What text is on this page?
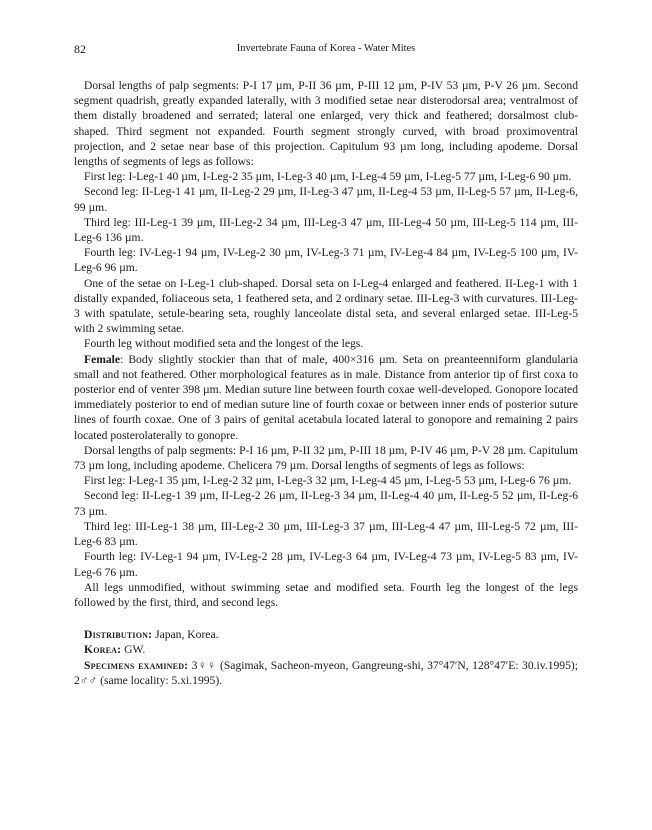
82	Invertebrate Fauna of Korea - Water Mites

Dorsal lengths of palp segments: P-I 17 µm, P-II 36 µm, P-III 12 µm, P-IV 53 µm, P-V 26 µm. Second segment quadrish, greatly expanded laterally, with 3 modified setae near disterodorsal area; ventralmost of them distally broadened and serrated; lateral one enlarged, very thick and feathered; dorsalmost club-shaped. Third segment not expanded. Fourth segment strongly curved, with broad proximoventral projection, and 2 setae near base of this projection. Capitulum 93 µm long, including apodeme. Dorsal lengths of segments of legs as follows:

First leg: I-Leg-1 40 µm, I-Leg-2 35 µm, I-Leg-3 40 µm, I-Leg-4 59 µm, I-Leg-5 77 µm, I-Leg-6 90 µm.

Second leg: II-Leg-1 41 µm, II-Leg-2 29 µm, II-Leg-3 47 µm, II-Leg-4 53 µm, II-Leg-5 57 µm, II-Leg-6, 99 µm.

Third leg: III-Leg-1 39 µm, III-Leg-2 34 µm, III-Leg-3 47 µm, III-Leg-4 50 µm, III-Leg-5 114 µm, III-Leg-6 136 µm.

Fourth leg: IV-Leg-1 94 µm, IV-Leg-2 30 µm, IV-Leg-3 71 µm, IV-Leg-4 84 µm, IV-Leg-5 100 µm, IV-Leg-6 96 µm.

One of the setae on I-Leg-1 club-shaped. Dorsal seta on I-Leg-4 enlarged and feathered. II-Leg-1 with 1 distally expanded, foliaceous seta, 1 feathered seta, and 2 ordinary setae. III-Leg-3 with curvatures. III-Leg-3 with spatulate, setule-bearing seta, roughly lanceolate distal seta, and several enlarged setae. III-Leg-5 with 2 swimming setae.

Fourth leg without modified seta and the longest of the legs.

Female: Body slightly stockier than that of male, 400×316 µm. Seta on preanteenniform glandularia small and not feathered. Other morphological features as in male. Distance from anterior tip of first coxa to posterior end of venter 398 µm. Median suture line between fourth coxae well-developed. Gonopore located immediately posterior to end of median suture line of fourth coxae or between inner ends of posterior suture lines of fourth coxae. One of 3 pairs of genital acetabula located lateral to gonopore and remaining 2 pairs located posterolaterally to gonopre.

Dorsal lengths of palp segments: P-I 16 µm, P-II 32 µm, P-III 18 µm, P-IV 46 µm, P-V 28 µm. Capitulum 73 µm long, including apodeme. Chelicera 79 µm. Dorsal lengths of segments of legs as follows:

First leg: I-Leg-1 35 µm, I-Leg-2 32 µm, I-Leg-3 32 µm, I-Leg-4 45 µm, I-Leg-5 53 µm, I-Leg-6 76 µm.

Second leg: II-Leg-1 39 µm, II-Leg-2 26 µm, II-Leg-3 34 µm, II-Leg-4 40 µm, II-Leg-5 52 µm, II-Leg-6 73 µm.

Third leg: III-Leg-1 38 µm, III-Leg-2 30 µm, III-Leg-3 37 µm, III-Leg-4 47 µm, III-Leg-5 72 µm, III-Leg-6 83 µm.

Fourth leg: IV-Leg-1 94 µm, IV-Leg-2 28 µm, IV-Leg-3 64 µm, IV-Leg-4 73 µm, IV-Leg-5 83 µm, IV-Leg-6 76 µm.

All legs unmodified, without swimming setae and modified seta. Fourth leg the longest of the legs followed by the first, third, and second legs.

Distribution: Japan, Korea.

Korea: GW.

Specimens examined: 3♀♀ (Sagimak, Sacheon-myeon, Gangreung-shi, 37°47′N, 128°47′E: 30.iv.1995); 2♂♂ (same locality: 5.xi.1995).
